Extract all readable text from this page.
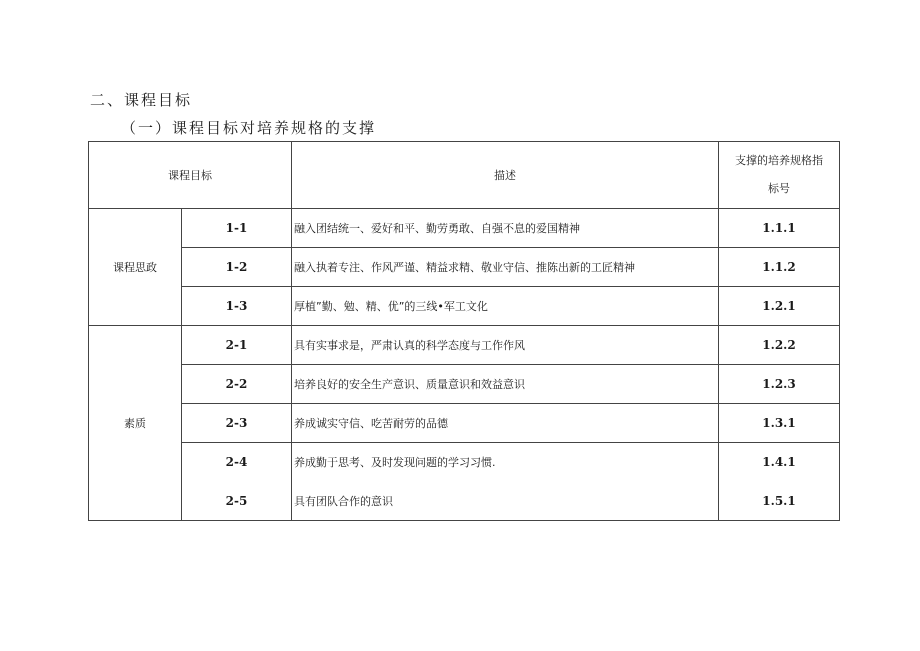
二、课程目标
（一）课程目标对培养规格的支撑
课程目标		描述	支撑的培养规格指
标号

课程思政	1-1	融入团结统一、爱好和平、勤劳勇敢、自强不息的爱国精神	1.1.1
	1-2	融入执着专注、作风严谨、精益求精、敬业守信、推陈出新的工匠精神	1.1.2
	1-3	厚植”勤、勉、精、优”的三线•军工文化	1.2.1
素质	2-1	具有实事求是，严肃认真的科学态度与工作作风	1.2.2
	2-2	培养良好的安全生产意识、质量意识和效益意识	1.2.3
	2-3	养成诚实守信、吃苦耐劳的品德	1.3.1
	2-4	养成勤于思考、及时发现问题的学习习惯.	1.4.1
	2-5	具有团队合作的意识	1.5.1
